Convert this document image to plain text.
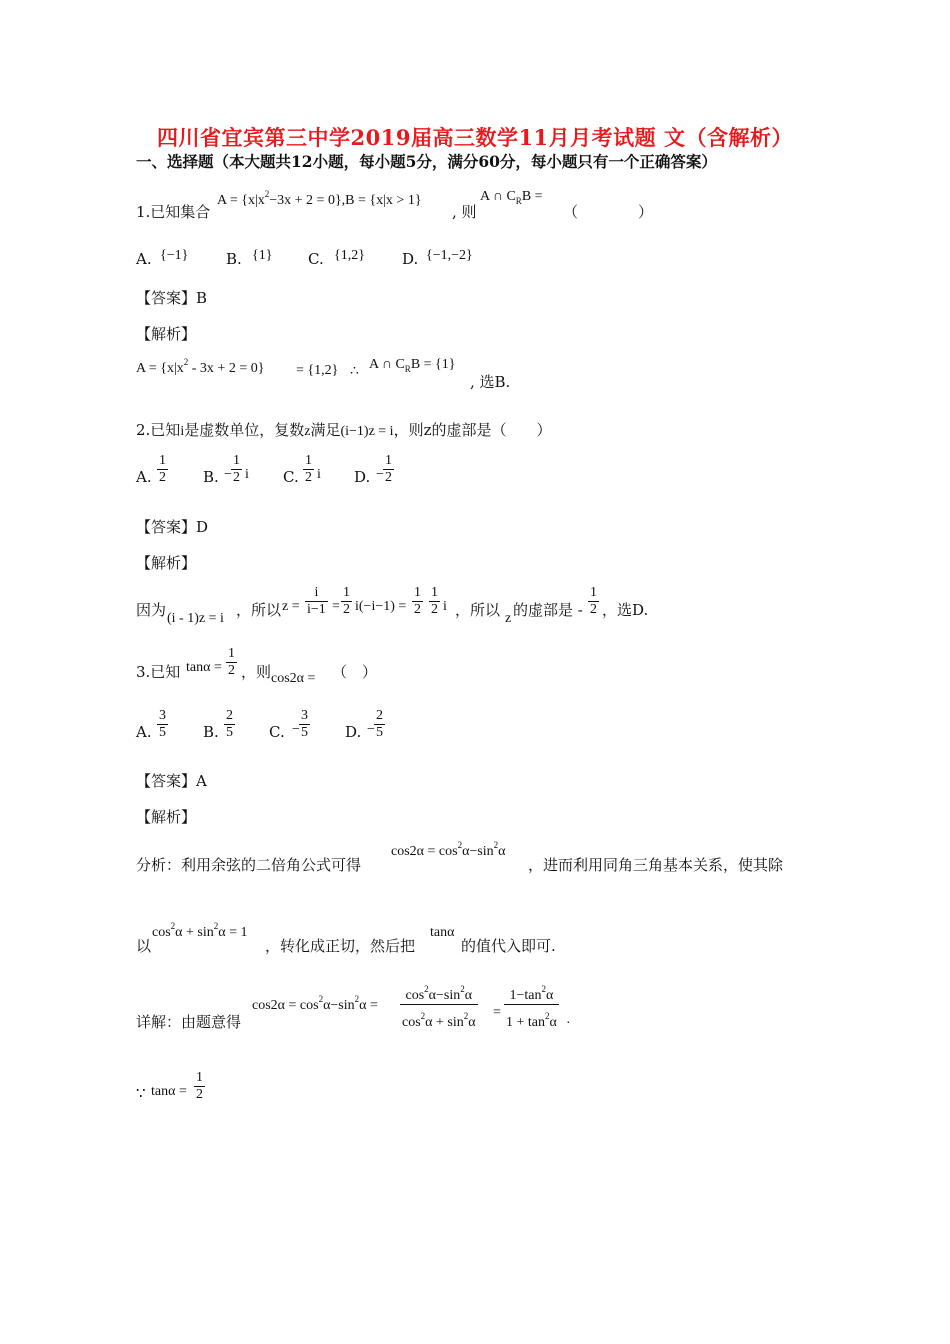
四川省宜宾第三中学2019届高三数学11月月考试题 文（含解析）
一、选择题（本大题共12小题，每小题5分，满分60分，每小题只有一个正确答案）
1.已知集合
$A = \{x|x^2-3x + 2 = 0\},B = \{x|x > 1\}$
, 则
A ∩ $C_RB$ =
（　　　　）
A. {−1}	B. {1} C. {1,2} D. {−1,−2}
【答案】B
【解析】
$A = \{x|x^2 - 3x + 2 = 0\} = \{1,2\}$ ∴ A ∩ $C_RB = \{1\}$
, 选B.
2.已知i是虚数单位，复数z满足(i−1)z = i，则z的虚部是（　　）
A. $\frac{1}{2} B$. − $\frac{1}{2}$ i C. $\frac{1}{2}$ i D. − $\frac{1}{2}$
【答案】D
【解析】
因为 (i - 1)z = i ，所以 $z = \frac{i}{i-1} = \frac{1}{2} i(-i-1) = \frac{1}{2} \frac{1}{2}$ i ，所以 z 的虚部是 - $\frac{1}{2}$ ，选D.
3.已知 $\tan\alpha = \frac{1}{2}$ ，则 cos2α = （　）
A. $\frac{3}{5} B$. $\frac{2}{5} C$. − $\frac{3}{5} D$. − $\frac{2}{5}$
【答案】A
【解析】
分析：利用余弦的二倍角公式可得
$\cos 2\alpha = \cos^2\alpha-\sin^2\alpha$
，进而利用同角三角基本关系，使其除
以
$\cos^2\alpha + \sin^2\alpha = 1$
，转化成正切，然后把
tanα
的值代入即可.
详解：由题意得
$\cos 2\alpha = \cos^2\alpha-\sin^2\alpha = \frac{\cos^2\alpha-\sin^2\alpha}{\cos^2\alpha + \sin^2\alpha} = \frac{1-\tan^2\alpha}{1 + \tan^2\alpha}$ ·
∵ $\tan\alpha = \frac{1}{2}$
